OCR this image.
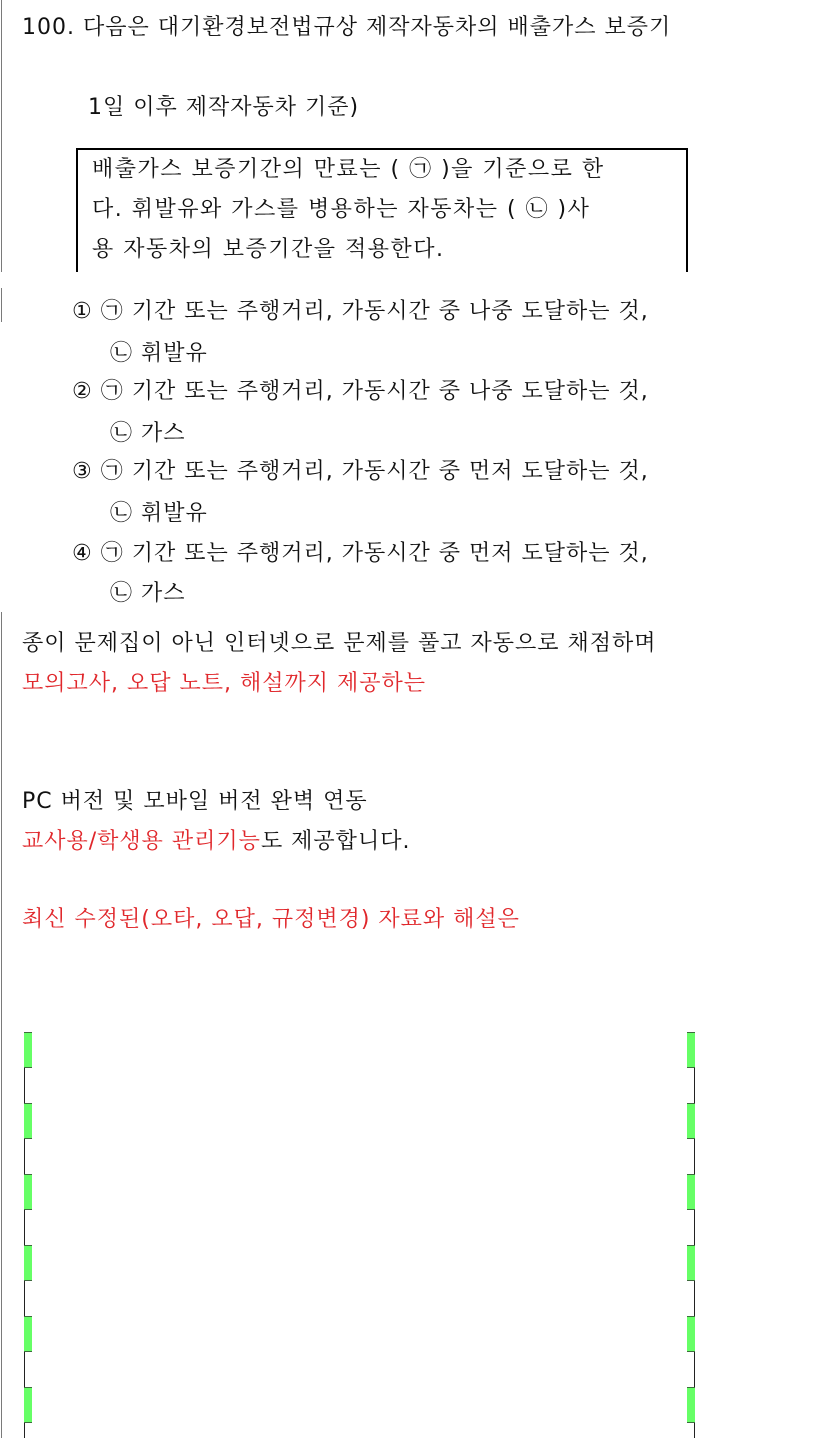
100. 다음은 대기환경보전법규상 제작자동차의 배출가스 보증기
1일 이후 제작자동차 기준)
배출가스 보증기간의 만료는 ( ㉠ )을 기준으로 한
다. 휘발유와 가스를 병용하는 자동차는 ( ㉡ )사
용 자동차의 보증기간을 적용한다.
① ㉠ 기간 또는 주행거리, 가동시간 중 나중 도달하는 것,
㉡ 휘발유
② ㉠ 기간 또는 주행거리, 가동시간 중 나중 도달하는 것,
㉡ 가스
③ ㉠ 기간 또는 주행거리, 가동시간 중 먼저 도달하는 것,
㉡ 휘발유
④ ㉠ 기간 또는 주행거리, 가동시간 중 먼저 도달하는 것,
㉡ 가스
종이 문제집이 아닌 인터넷으로 문제를 풀고 자동으로 채점하며
모의고사, 오답 노트, 해설까지 제공하는
PC 버전 및 모바일 버전 완벽 연동
교사용/학생용 관리기능도 제공합니다.
최신 수정된(오타, 오답, 규정변경) 자료와 해설은
